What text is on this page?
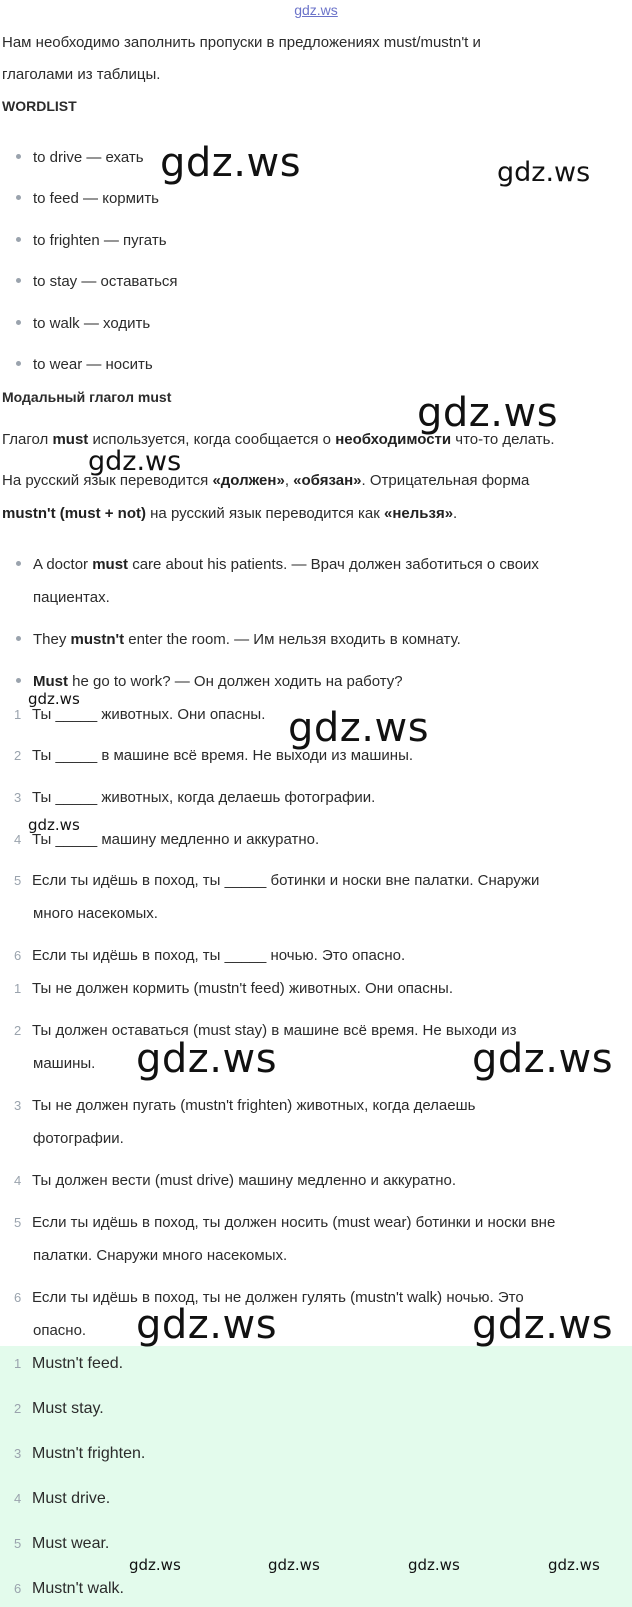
gdz.ws
Нам необходимо заполнить пропуски в предложениях must/mustn't и
глаголами из таблицы.
WORDLIST
to drive — ехать
to feed — кормить
to frighten — пугать
to stay — оставаться
to walk — ходить
to wear — носить
Модальный глагол must
Глагол must используется, когда сообщается о необходимости что-то делать.
На русский язык переводится «должен», «обязан». Отрицательная форма
mustn't (must + not) на русский язык переводится как «нельзя».
A doctor must care about his patients. — Врач должен заботиться о своих
пациентах.
They mustn't enter the room. — Им нельзя входить в комнату.
Must he go to work? — Он должен ходить на работу?
1 Ты _____ животных. Они опасны.
2 Ты _____ в машине всё время. Не выходи из машины.
3 Ты _____ животных, когда делаешь фотографии.
4 Ты _____ машину медленно и аккуратно.
5 Если ты идёшь в поход, ты _____ ботинки и носки вне палатки. Снаружи
много насекомых.
6 Если ты идёшь в поход, ты _____ ночью. Это опасно.
1 Ты не должен кормить (mustn't feed) животных. Они опасны.
2 Ты должен оставаться (must stay) в машине всё время. Не выходи из
машины.
3 Ты не должен пугать (mustn't frighten) животных, когда делаешь
фотографии.
4 Ты должен вести (must drive) машину медленно и аккуратно.
5 Если ты идёшь в поход, ты должен носить (must wear) ботинки и носки вне
палатки. Снаружи много насекомых.
6 Если ты идёшь в поход, ты не должен гулять (mustn't walk) ночью. Это
опасно.
1 Mustn't feed.
2 Must stay.
3 Mustn't frighten.
4 Must drive.
5 Must wear.
6 Mustn't walk.
gdz.ws	gdz.ws
gdz.ws
gdz.ws
gdz.ws
gdz.ws
gdz.ws
gdz.ws	gdz.ws
gdz.ws	gdz.ws
gdz.ws	gdz.ws	gdz.ws	gdz.ws
